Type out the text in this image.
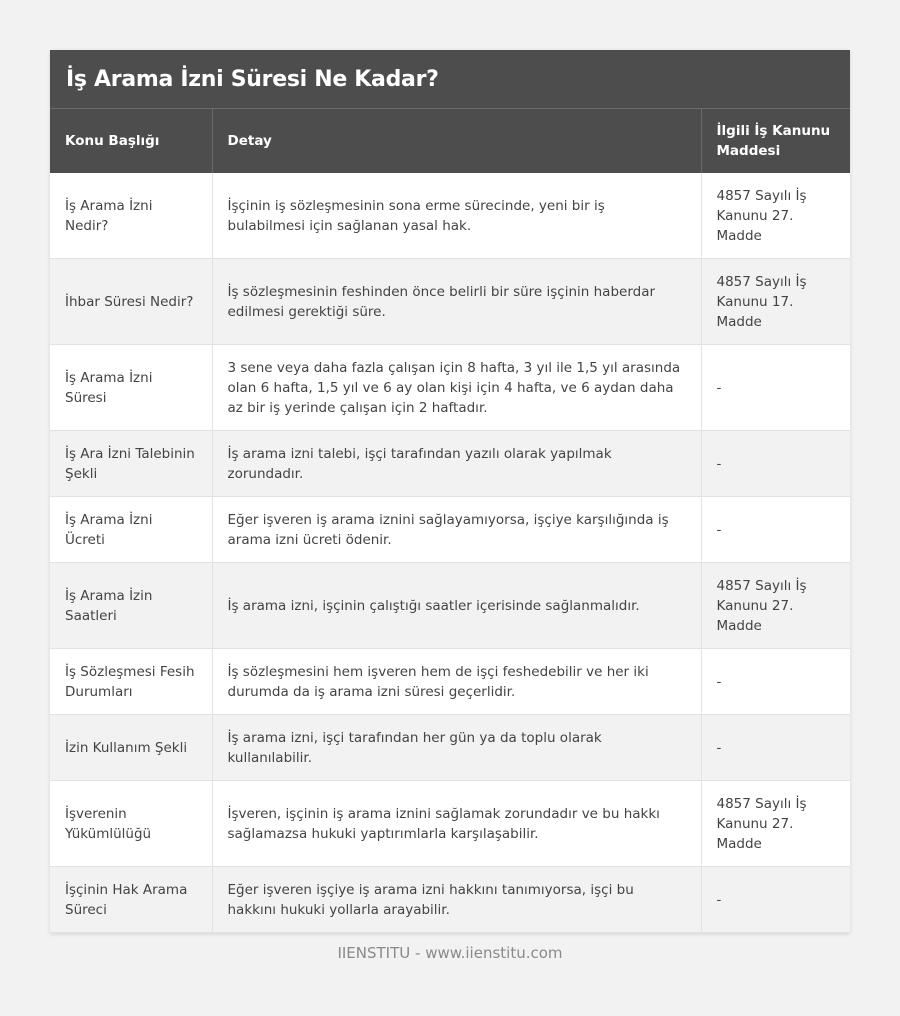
İş Arama İzni Süresi Ne Kadar?
Konu Başlığı	Detay	İlgili İş Kanunu Maddesi
İş Arama İzni Nedir?	İşçinin iş sözleşmesinin sona erme sürecinde, yeni bir iş bulabilmesi için sağlanan yasal hak.	4857 Sayılı İş Kanunu 27. Madde
İhbar Süresi Nedir?	İş sözleşmesinin feshinden önce belirli bir süre işçinin haberdar edilmesi gerektiği süre.	4857 Sayılı İş Kanunu 17. Madde
İş Arama İzni Süresi	3 sene veya daha fazla çalışan için 8 hafta, 3 yıl ile 1,5 yıl arasında olan 6 hafta, 1,5 yıl ve 6 ay olan kişi için 4 hafta, ve 6 aydan daha az bir iş yerinde çalışan için 2 haftadır.	-
İş Ara İzni Talebinin Şekli	İş arama izni talebi, işçi tarafından yazılı olarak yapılmak zorundadır.	-
İş Arama İzni Ücreti	Eğer işveren iş arama iznini sağlayamıyorsa, işçiye karşılığında iş arama izni ücreti ödenir.	-
İş Arama İzin Saatleri	İş arama izni, işçinin çalıştığı saatler içerisinde sağlanmalıdır.	4857 Sayılı İş Kanunu 27. Madde
İş Sözleşmesi Fesih Durumları	İş sözleşmesini hem işveren hem de işçi feshedebilir ve her iki durumda da iş arama izni süresi geçerlidir.	-
İzin Kullanım Şekli	İş arama izni, işçi tarafından her gün ya da toplu olarak kullanılabilir.	-
İşverenin Yükümlülüğü	İşveren, işçinin iş arama iznini sağlamak zorundadır ve bu hakkı sağlamazsa hukuki yaptırımlarla karşılaşabilir.	4857 Sayılı İş Kanunu 27. Madde
İşçinin Hak Arama Süreci	Eğer işveren işçiye iş arama izni hakkını tanımıyorsa, işçi bu hakkını hukuki yollarla arayabilir.	-
IIENSTITU - www.iienstitu.com
